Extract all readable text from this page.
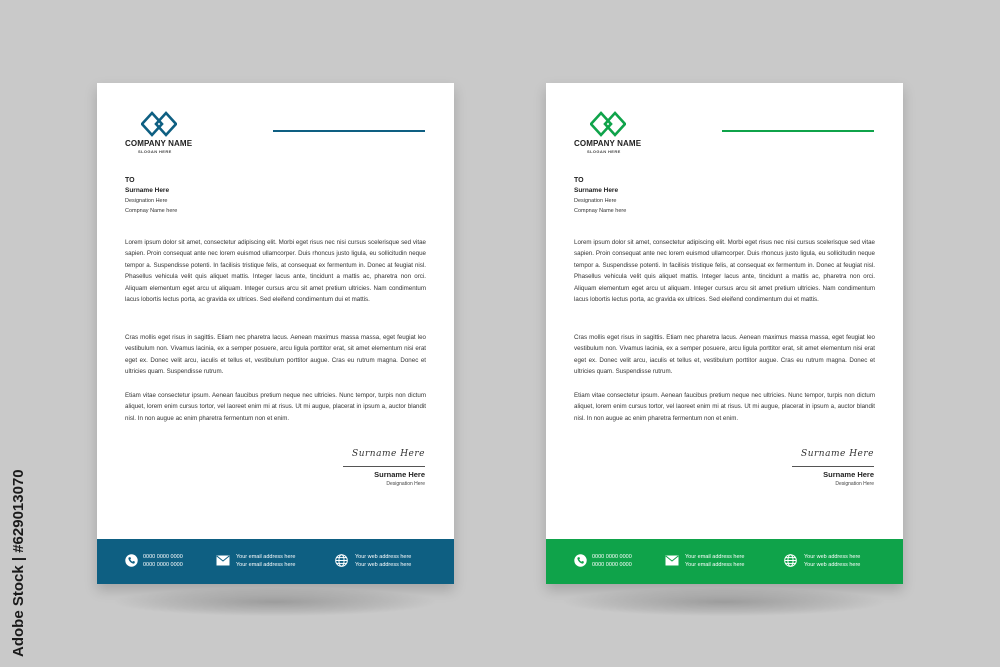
COMPANY NAME
SLOGAN HERE
TO
Surname Here
Designation Here
Compnay Name here

Lorem ipsum dolor sit amet, consectetur adipiscing elit. Morbi eget risus nec nisi cursus scelerisque sed vitae sapien. Proin consequat ante nec lorem euismod ullamcorper. Duis rhoncus justo ligula, eu sollicitudin neque tempor a. Suspendisse potenti. In facilisis tristique felis, at consequat ex fermentum in. Donec at feugiat nisl. Phasellus vehicula velit quis aliquet mattis. Integer lacus ante, tincidunt a mattis ac, pharetra non orci. Aliquam elementum eget arcu ut aliquam. Integer cursus arcu sit amet pretium ultricies. Nam condimentum lacus lobortis lectus porta, ac gravida ex ultrices. Sed eleifend condimentum dui et mattis.

Cras mollis eget risus in sagittis. Etiam nec pharetra lacus. Aenean maximus massa massa, eget feugiat leo vestibulum non. Vivamus lacinia, ex a semper posuere, arcu ligula porttitor erat, sit amet elementum nisi erat eget ex. Donec velit arcu, iaculis et tellus et, vestibulum porttitor augue. Cras eu rutrum magna. Donec et ultricies quam. Suspendisse rutrum.

Etiam vitae consectetur ipsum. Aenean faucibus pretium neque nec ultricies. Nunc tempor, turpis non dictum aliquet, lorem enim cursus tortor, vel laoreet enim mi at risus. Ut mi augue, placerat in ipsum a, auctor blandit nisl. In non augue ac enim pharetra fermentum non et enim.

Surname Here
Surname Here
Designation Here
0000 0000 0000
0000 0000 0000
Your email address here
Your email address here
Your web address here
Your web address here
COMPANY NAME
SLOGAN HERE
TO
Surname Here
Designation Here
Compnay Name here

Lorem ipsum dolor sit amet, consectetur adipiscing elit. Morbi eget risus nec nisi cursus scelerisque sed vitae sapien. Proin consequat ante nec lorem euismod ullamcorper. Duis rhoncus justo ligula, eu sollicitudin neque tempor a. Suspendisse potenti. In facilisis tristique felis, at consequat ex fermentum in. Donec at feugiat nisl. Phasellus vehicula velit quis aliquet mattis. Integer lacus ante, tincidunt a mattis ac, pharetra non orci. Aliquam elementum eget arcu ut aliquam. Integer cursus arcu sit amet pretium ultricies. Nam condimentum lacus lobortis lectus porta, ac gravida ex ultrices. Sed eleifend condimentum dui et mattis.

Cras mollis eget risus in sagittis. Etiam nec pharetra lacus. Aenean maximus massa massa, eget feugiat leo vestibulum non. Vivamus lacinia, ex a semper posuere, arcu ligula porttitor erat, sit amet elementum nisi erat eget ex. Donec velit arcu, iaculis et tellus et, vestibulum porttitor augue. Cras eu rutrum magna. Donec et ultricies quam. Suspendisse rutrum.

Etiam vitae consectetur ipsum. Aenean faucibus pretium neque nec ultricies. Nunc tempor, turpis non dictum aliquet, lorem enim cursus tortor, vel laoreet enim mi at risus. Ut mi augue, placerat in ipsum a, auctor blandit nisl. In non augue ac enim pharetra fermentum non et enim.

Surname Here
Surname Here
Designation Here
0000 0000 0000
0000 0000 0000
Your email address here
Your email address here
Your web address here
Your web address here
Adobe Stock | #629013070
